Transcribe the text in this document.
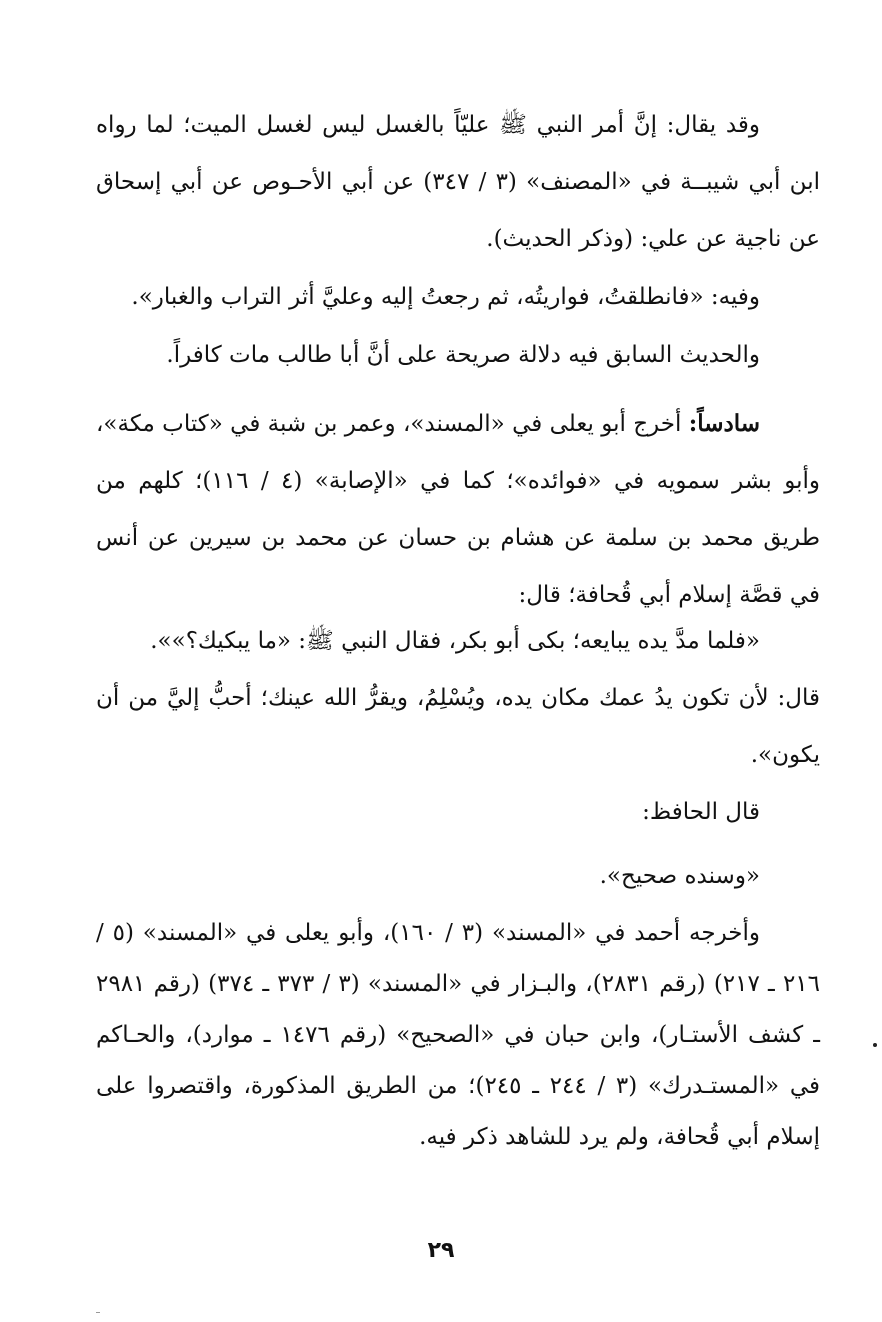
وقد يقال: إنَّ أمر النبي ﷺ عليّاً بالغسل ليس لغسل الميت؛ لما رواه ابن أبي شيبــة في «المصنف» (٣ / ٣٤٧) عن أبي الأحـوص عن أبي إسحاق عن ناجية عن علي: (وذكر الحديث).
وفيه: «فانطلقتُ، فواريتُه، ثم رجعتُ إليه وعليَّ أثر التراب والغبار».
والحديث السابق فيه دلالة صريحة على أنَّ أبا طالب مات كافراً.
سادساً: أخرج أبو يعلى في «المسند»، وعمر بن شبة في «كتاب مكة»، وأبو بشر سمويه في «فوائده»؛ كما في «الإصابة» (٤ / ١١٦)؛ كلهم من طريق محمد بن سلمة عن هشام بن حسان عن محمد بن سيرين عن أنس في قصَّة إسلام أبي قُحافة؛ قال:
«فلما مدَّ يده يبايعه؛ بكى أبو بكر، فقال النبي ﷺ: «ما يبكيك؟»».
قال: لأن تكون يدُ عمك مكان يده، ويُسْلِمُ، ويقرُّ الله عينك؛ أحبُّ إليَّ من أن يكون».
قال الحافظ:
«وسنده صحيح».
وأخرجه أحمد في «المسند» (٣ / ١٦٠)، وأبو يعلى في «المسند» (٥ / ٢١٦ ـ ٢١٧) (رقم ٢٨٣١)، والبـزار في «المسند» (٣ / ٣٧٣ ـ ٣٧٤) (رقم ٢٩٨١ ـ كشف الأستـار)، وابن حبان في «الصحيح» (رقم ١٤٧٦ ـ موارد)، والحـاكم في «المستـدرك» (٣ / ٢٤٤ ـ ٢٤٥)؛ من الطريق المذكورة، واقتصروا على إسلام أبي قُحافة، ولم يرد للشاهد ذكر فيه.
٢٩
